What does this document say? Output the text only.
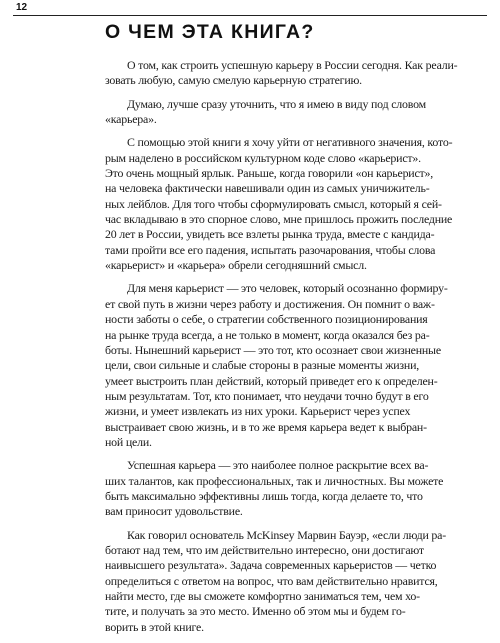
12
О ЧЕМ ЭТА КНИГА?
О том, как строить успешную карьеру в России сегодня. Как реали-
зовать любую, самую смелую карьерную стратегию.
Думаю, лучше сразу уточнить, что я имею в виду под словом
«карьера».
С помощью этой книги я хочу уйти от негативного значения, кото-
рым наделено в российском культурном коде слово «карьерист».
Это очень мощный ярлык. Раньше, когда говорили «он карьерист»,
на человека фактически навешивали один из самых уничижитель-
ных лейблов. Для того чтобы сформулировать смысл, который я сей-
час вкладываю в это спорное слово, мне пришлось прожить последние
20 лет в России, увидеть все взлеты рынка труда, вместе с кандида-
тами пройти все его падения, испытать разочарования, чтобы слова
«карьерист» и «карьера» обрели сегодняшний смысл.
Для меня карьерист — это человек, который осознанно формиру-
ет свой путь в жизни через работу и достижения. Он помнит о важ-
ности заботы о себе, о стратегии собственного позиционирования
на рынке труда всегда, а не только в момент, когда оказался без ра-
боты. Нынешний карьерист — это тот, кто осознает свои жизненные
цели, свои сильные и слабые стороны в разные моменты жизни,
умеет выстроить план действий, который приведет его к определен-
ным результатам. Тот, кто понимает, что неудачи точно будут в его
жизни, и умеет извлекать из них уроки. Карьерист через успех
выстраивает свою жизнь, и в то же время карьера ведет к выбран-
ной цели.
Успешная карьера — это наиболее полное раскрытие всех ва-
ших талантов, как профессиональных, так и личностных. Вы можете
быть максимально эффективны лишь тогда, когда делаете то, что
вам приносит удовольствие.
Как говорил основатель McKinsey Марвин Бауэр, «если люди ра-
ботают над тем, что им действительно интересно, они достигают
наивысшего результата». Задача современных карьеристов — четко
определиться с ответом на вопрос, что вам действительно нравится,
найти место, где вы сможете комфортно заниматься тем, чем хо-
тите, и получать за это место. Именно об этом мы и будем го-
ворить в этой книге.
